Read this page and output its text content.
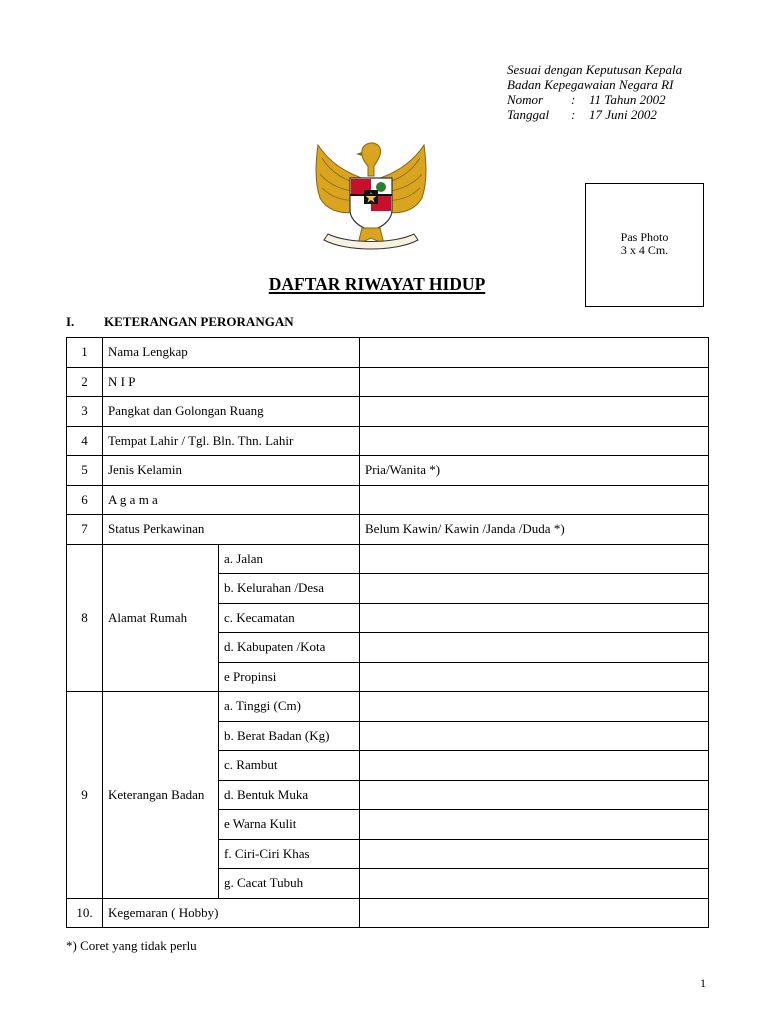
Sesuai dengan Keputusan Kepala
Badan Kepegawaian Negara RI
Nomor : 11 Tahun 2002
Tanggal : 17 Juni 2002
Pas Photo
3 x 4 Cm.
DAFTAR RIWAYAT HIDUP
I. KETERANGAN PERORANGAN
1	Nama Lengkap		
2	N I P		
3	Pangkat dan Golongan Ruang		
4	Tempat Lahir / Tgl. Bln. Thn. Lahir		
5	Jenis Kelamin		Pria/Wanita *)
6	A g a m a		
7	Status Perkawinan		Belum Kawin/ Kawin /Janda /Duda *)
8	Alamat Rumah	a. Jalan	
		b. Kelurahan /Desa	
		c. Kecamatan	
		d. Kabupaten /Kota	
		e Propinsi	
9	Keterangan Badan	a. Tinggi (Cm)	
		b. Berat Badan (Kg)	
		c. Rambut	
		d. Bentuk Muka	
		e Warna Kulit	
		f. Ciri-Ciri Khas	
		g. Cacat Tubuh	
10.	Kegemaran ( Hobby)		
*) Coret yang tidak perlu
1
